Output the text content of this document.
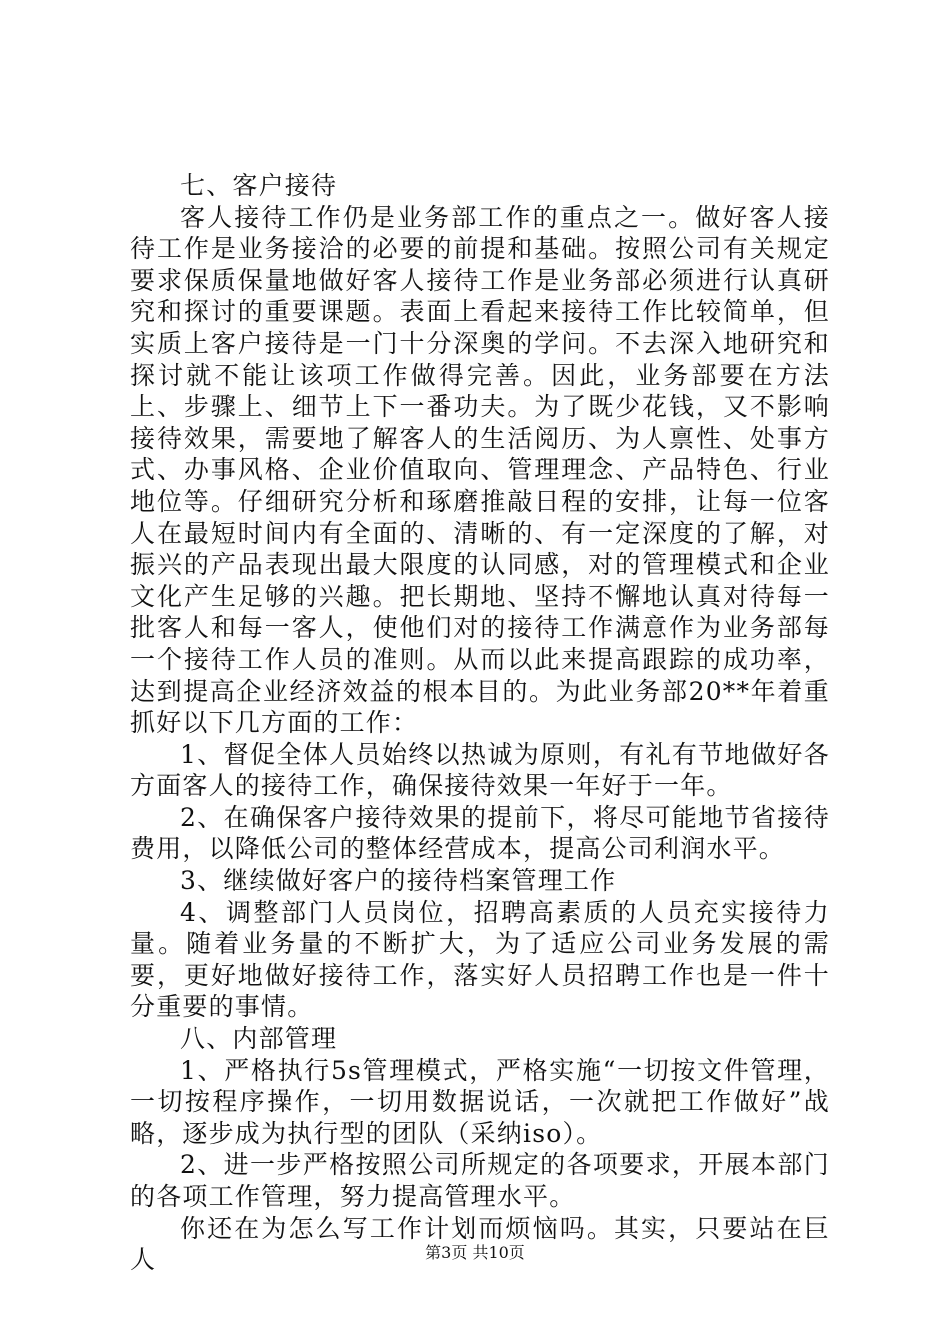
七、客户接待

客人接待工作仍是业务部工作的重点之一。做好客人接待工作是业务接洽的必要的前提和基础。按照公司有关规定要求保质保量地做好客人接待工作是业务部必须进行认真研究和探讨的重要课题。表面上看起来接待工作比较简单，但实质上客户接待是一门十分深奥的学问。不去深入地研究和探讨就不能让该项工作做得完善。因此，业务部要在方法上、步骤上、细节上下一番功夫。为了既少花钱，又不影响接待效果，需要地了解客人的生活阅历、为人禀性、处事方式、办事风格、企业价值取向、管理理念、产品特色、行业地位等。仔细研究分析和琢磨推敲日程的安排，让每一位客人在最短时间内有全面的、清晰的、有一定深度的了解，对振兴的产品表现出最大限度的认同感，对的管理模式和企业文化产生足够的兴趣。把长期地、坚持不懈地认真对待每一批客人和每一客人，使他们对的接待工作满意作为业务部每一个接待工作人员的准则。从而以此来提高跟踪的成功率，达到提高企业经济效益的根本目的。为此业务部20**年着重抓好以下几方面的工作：

1、督促全体人员始终以热诚为原则，有礼有节地做好各方面客人的接待工作，确保接待效果一年好于一年。

2、在确保客户接待效果的提前下，将尽可能地节省接待费用，以降低公司的整体经营成本，提高公司利润水平。

3、继续做好客户的接待档案管理工作

4、调整部门人员岗位，招聘高素质的人员充实接待力量。随着业务量的不断扩大，为了适应公司业务发展的需要，更好地做好接待工作，落实好人员招聘工作也是一件十分重要的事情。

八、内部管理

1、严格执行5s管理模式，严格实施“一切按文件管理，一切按程序操作，一切用数据说话，一次就把工作做好”战略，逐步成为执行型的团队（采纳iso）。

2、进一步严格按照公司所规定的各项要求，开展本部门的各项工作管理，努力提高管理水平。

你还在为怎么写工作计划而烦恼吗。其实，只要站在巨人	第3页 共10页
